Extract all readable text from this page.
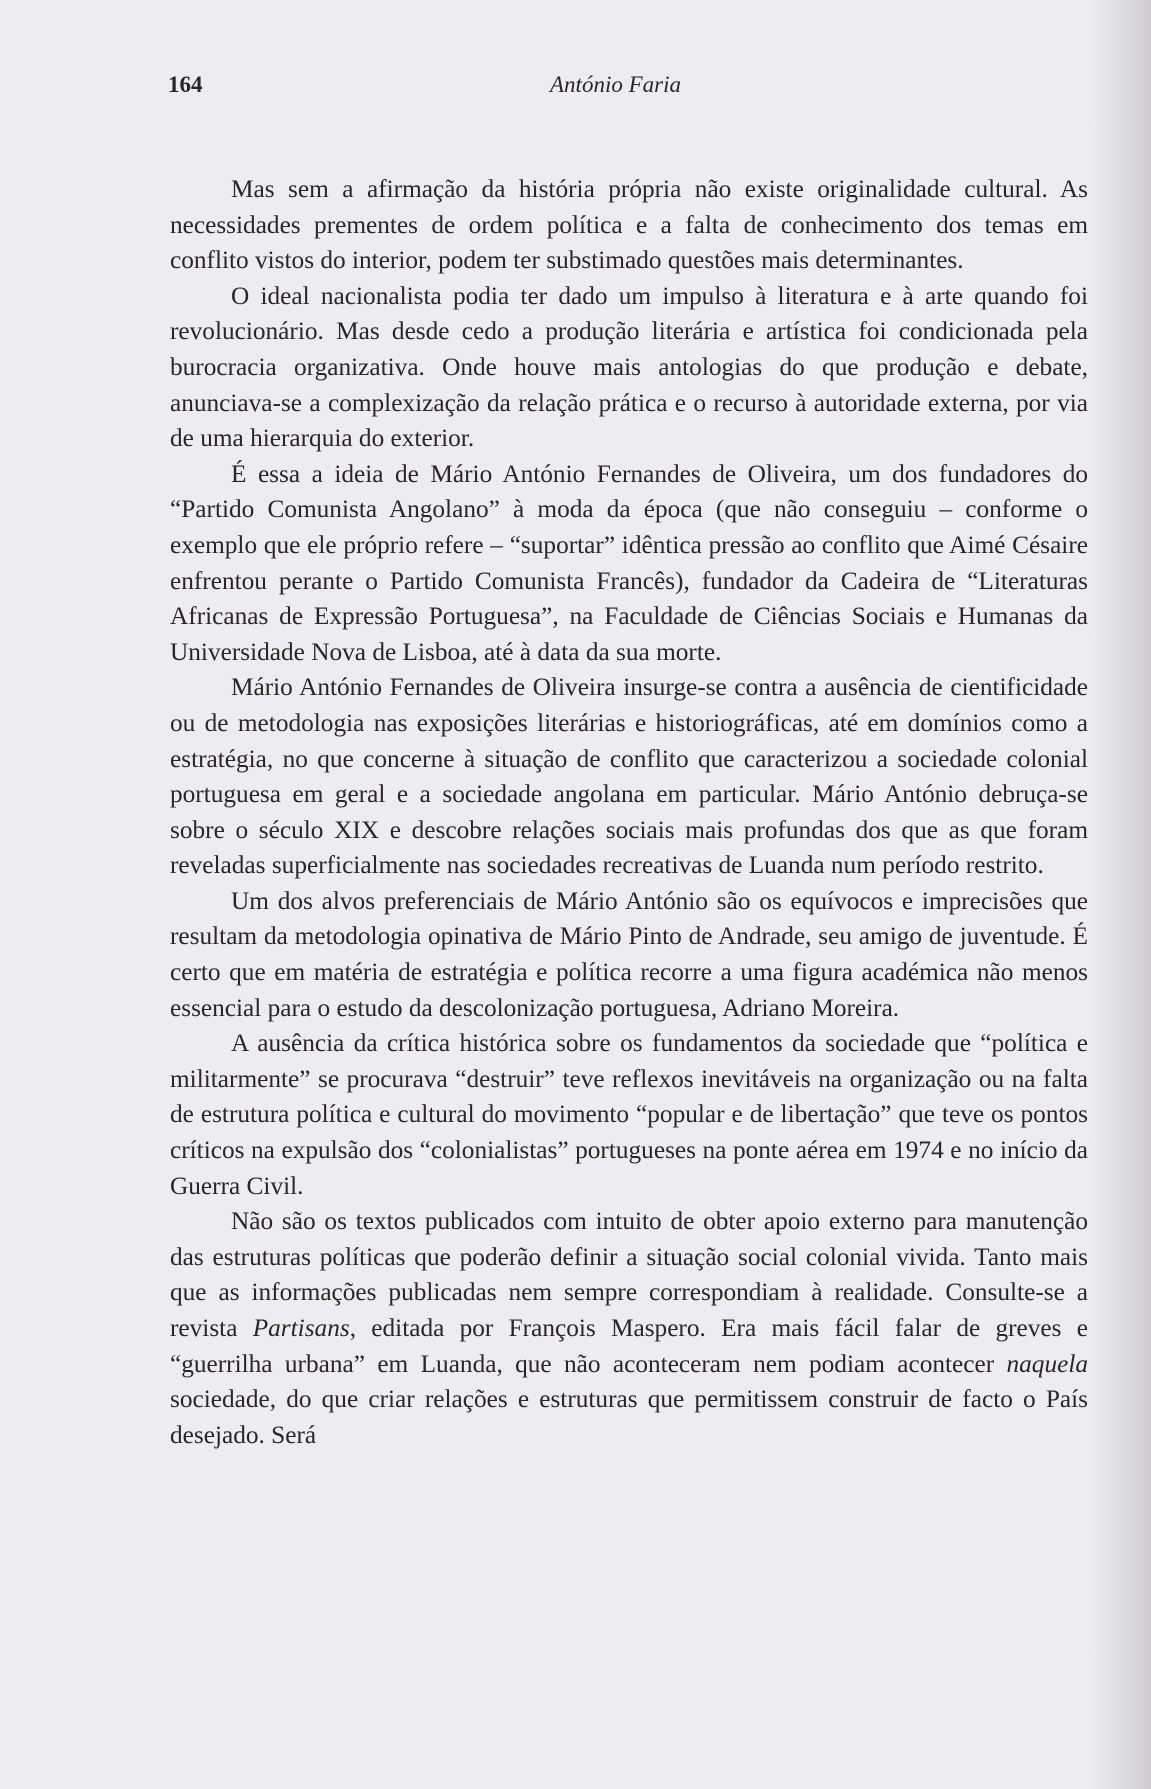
164	António Faria

Mas sem a afirmação da história própria não existe originalidade cultural. As necessidades prementes de ordem política e a falta de conhecimento dos temas em conflito vistos do interior, podem ter substimado questões mais determinantes.

O ideal nacionalista podia ter dado um impulso à literatura e à arte quando foi revolucionário. Mas desde cedo a produção literária e artística foi condicionada pela burocracia organizativa. Onde houve mais antologias do que produção e debate, anunciava-se a complexização da relação prática e o recurso à autoridade externa, por via de uma hierarquia do exterior.

É essa a ideia de Mário António Fernandes de Oliveira, um dos fundadores do “Partido Comunista Angolano” à moda da época (que não conseguiu – conforme o exemplo que ele próprio refere – “suportar” idêntica pressão ao conflito que Aimé Césaire enfrentou perante o Partido Comunista Francês), fundador da Cadeira de “Literaturas Africanas de Expressão Portuguesa”, na Faculdade de Ciências Sociais e Humanas da Universidade Nova de Lisboa, até à data da sua morte.

Mário António Fernandes de Oliveira insurge-se contra a ausência de cientificidade ou de metodologia nas exposições literárias e historiográficas, até em domínios como a estratégia, no que concerne à situação de conflito que caracterizou a sociedade colonial portuguesa em geral e a sociedade angolana em particular. Mário António debruça-se sobre o século XIX e descobre relações sociais mais profundas dos que as que foram reveladas superficialmente nas sociedades recreativas de Luanda num período restrito.

Um dos alvos preferenciais de Mário António são os equívocos e imprecisões que resultam da metodologia opinativa de Mário Pinto de Andrade, seu amigo de juventude. É certo que em matéria de estratégia e política recorre a uma figura académica não menos essencial para o estudo da descolonização portuguesa, Adriano Moreira.

A ausência da crítica histórica sobre os fundamentos da sociedade que “política e militarmente” se procurava “destruir” teve reflexos inevitáveis na organização ou na falta de estrutura política e cultural do movimento “popular e de libertação” que teve os pontos críticos na expulsão dos “colonialistas” portugueses na ponte aérea em 1974 e no início da Guerra Civil.

Não são os textos publicados com intuito de obter apoio externo para manutenção das estruturas políticas que poderão definir a situação social colonial vivida. Tanto mais que as informações publicadas nem sempre correspondiam à realidade. Consulte-se a revista Partisans, editada por François Maspero. Era mais fácil falar de greves e “guerrilha urbana” em Luanda, que não aconteceram nem podiam acontecer naquela sociedade, do que criar relações e estruturas que permitissem construir de facto o País desejado. Será
